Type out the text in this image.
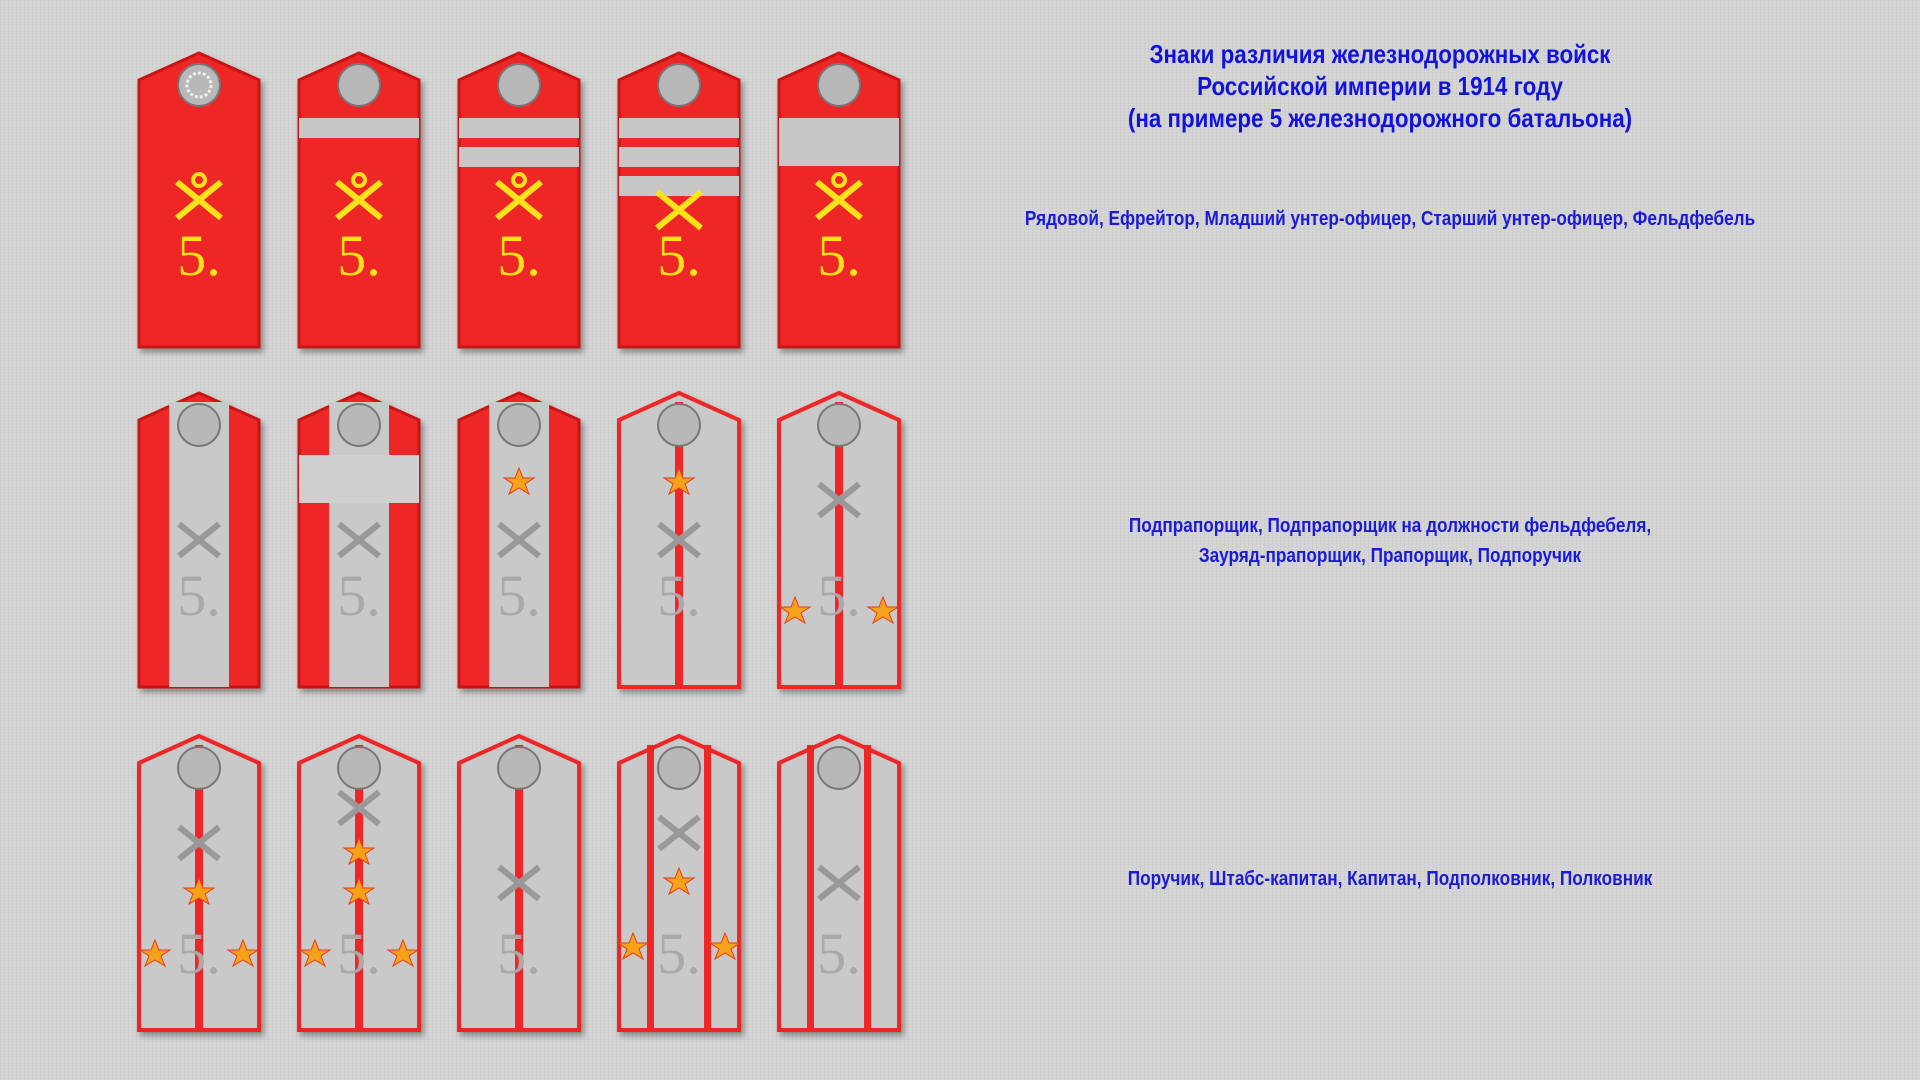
Знаки различия железнодорожных войск
Российской империи в 1914 году
(на примере 5 железнодорожного батальона)
Рядовой, Ефрейтор, Младший унтер-офицер, Старший унтер-офицер, Фельдфебель
Подпрапорщик, Подпрапорщик на должности фельдфебеля,
Зауряд-прапорщик, Прапорщик, Подпоручик
Поручик, Штабс-капитан, Капитан, Подполковник, Полковник
5. 5. 5. 5. 5.
5. 5. 5. 5. 5.
5. 5. 5. 5. 5.
